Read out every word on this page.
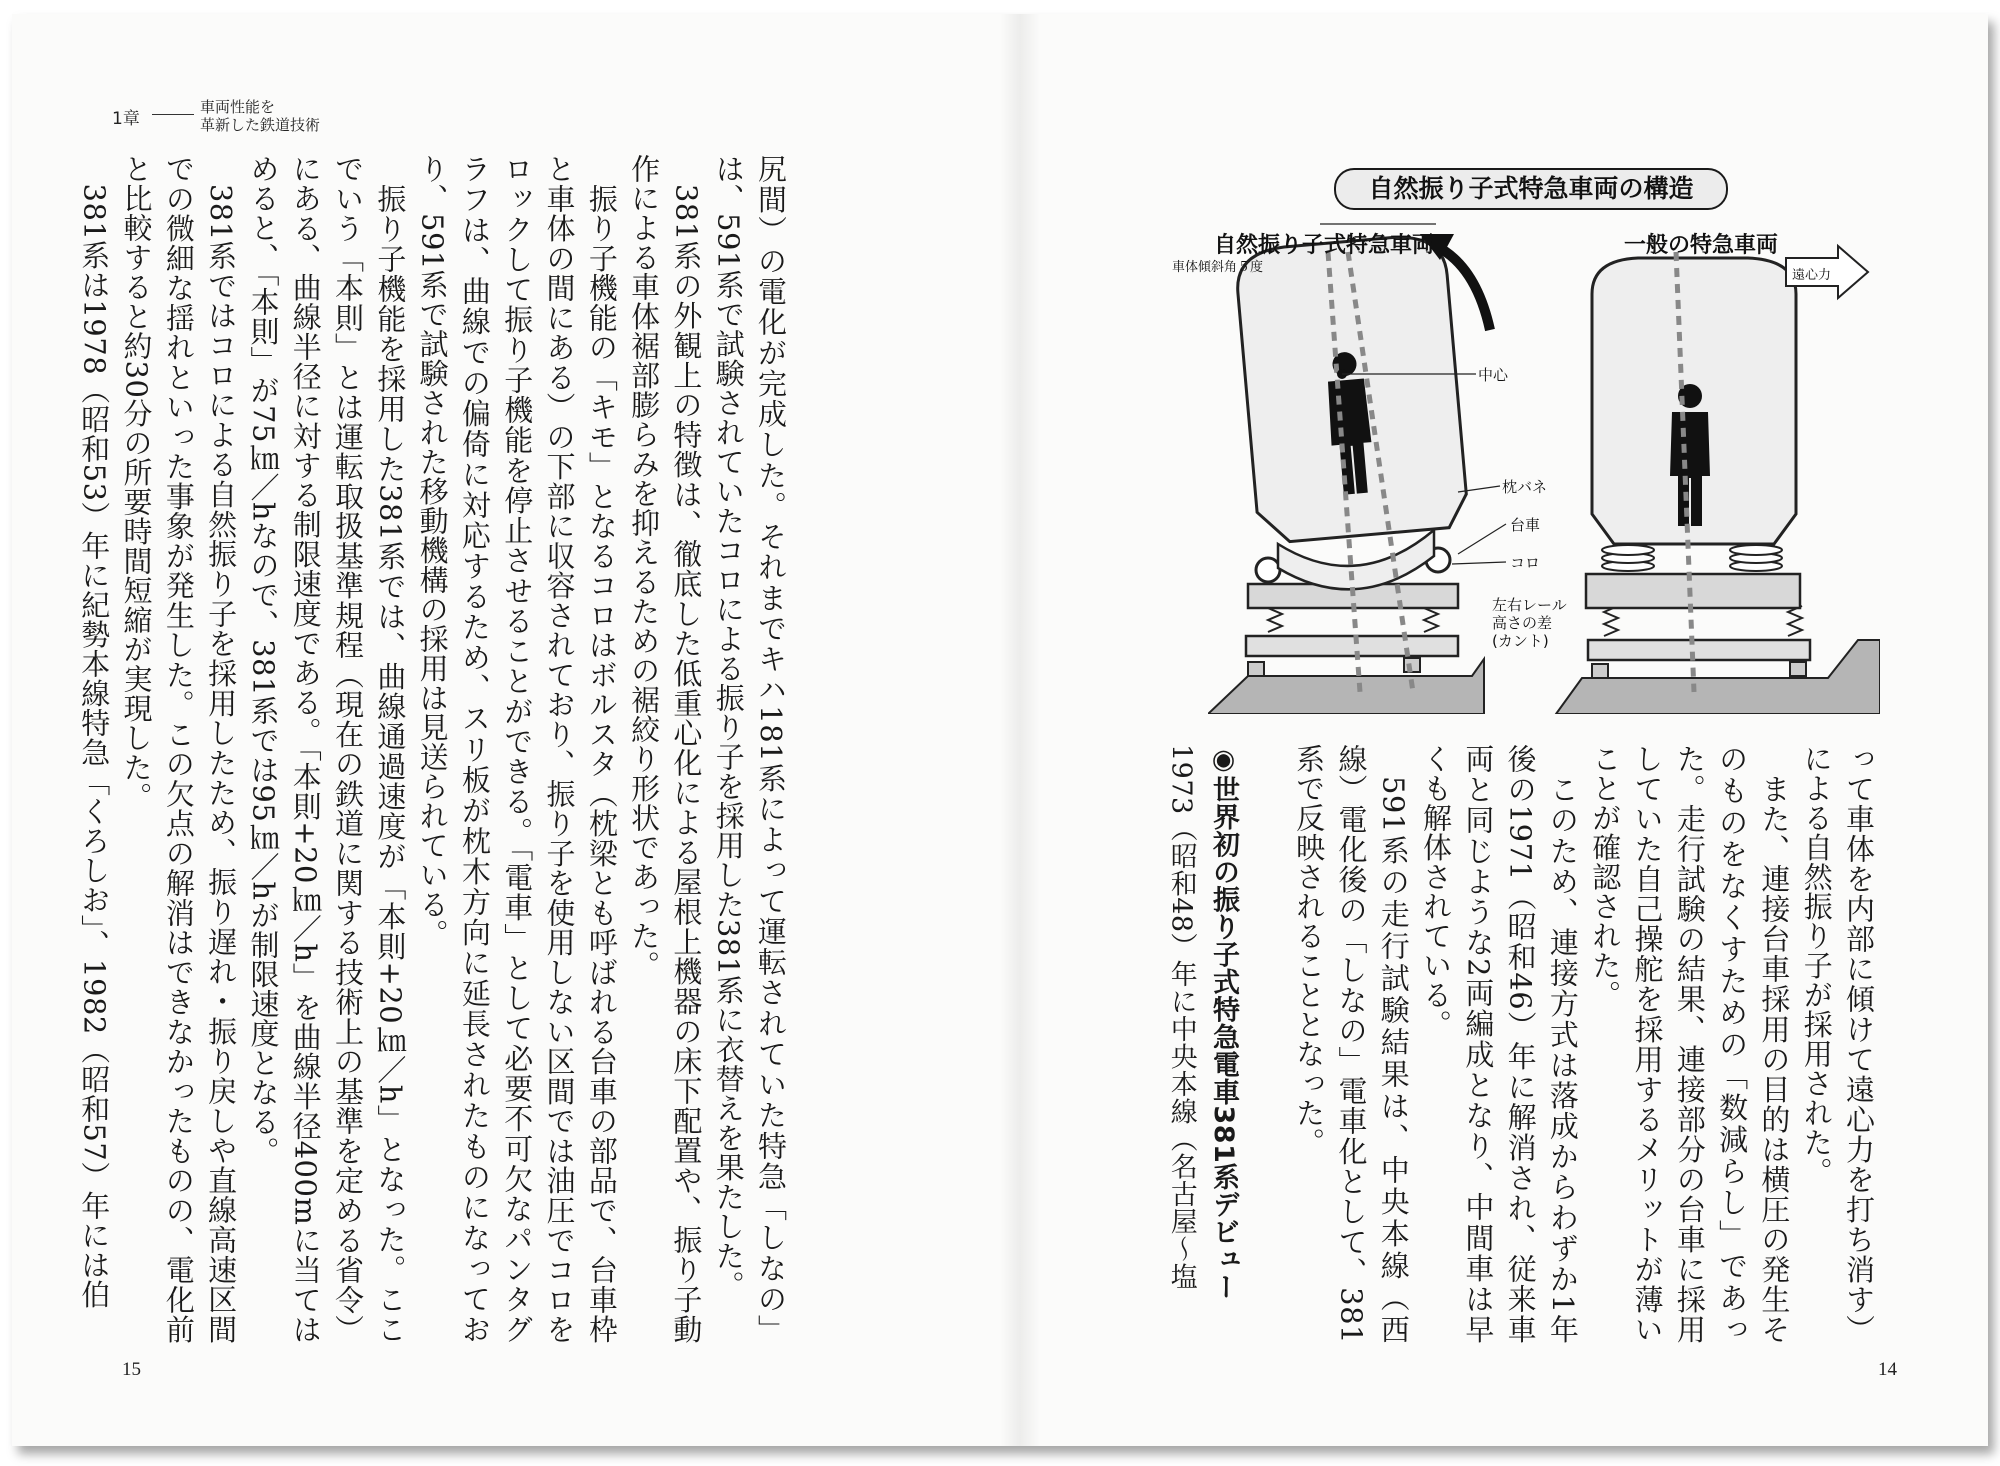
1章
車両性能を
革新した鉄道技術

尻間）の電化が完成した。それまでキハ181系によって運転されていた特急「しなの」は、591系で試験されていたコロによる振り子を採用した381系に衣替えを果たした。

　381系の外観上の特徴は、徹底した低重心化による屋根上機器の床下配置や、振り子動作による車体裾部膨らみを抑えるための裾絞り形状であった。

　振り子機能の「キモ」となるコロはボルスタ（枕梁とも呼ばれる台車の部品で、台車枠と車体の間にある）の下部に収容されており、振り子を使用しない区間では油圧でコロをロックして振り子機能を停止させることができる。「電車」として必要不可欠なパンタグラフは、曲線での偏倚に対応するため、スリ板が枕木方向に延長されたものになっており、591系で試験された移動機構の採用は見送られている。

　振り子機能を採用した381系では、曲線通過速度が「本則+20㎞／h」となった。ここでいう「本則」とは運転取扱基準規程（現在の鉄道に関する技術上の基準を定める省令）にある、曲線半径に対する制限速度である。「本則+20㎞／h」を曲線半径400mに当てはめると、「本則」が75㎞／hなので、381系では95㎞／hが制限速度となる。

　381系ではコロによる自然振り子を採用したため、振り遅れ・振り戻しや直線高速区間での微細な揺れといった事象が発生した。この欠点の解消はできなかったものの、電化前と比較すると約30分の所要時間短縮が実現した。

　381系は1978（昭和53）年に紀勢本線特急「くろしお」、1982（昭和57）年には伯

15
自然振り子式特急車両の構造
自然振り子式特急車両	一般の特急車両
車体傾斜角５度
遠心力
中心
枕バネ
台車
コロ
左右レール
高さの差
(カント)

って車体を内部に傾けて遠心力を打ち消す）による自然振り子が採用された。

　また、連接台車採用の目的は横圧の発生そのものをなくすための「数減らし」であった。走行試験の結果、連接部分の台車に採用していた自己操舵を採用するメリットが薄いことが確認された。

　このため、連接方式は落成からわずか1年後の1971（昭和46）年に解消され、従来車両と同じような2両編成となり、中間車は早くも解体されている。

　591系の走行試験結果は、中央本線（西線）電化後の「しなの」電車化として、381系で反映されることとなった。

◉世界初の振り子式特急電車381系デビュー

1973（昭和48）年に中央本線（名古屋～塩

14
